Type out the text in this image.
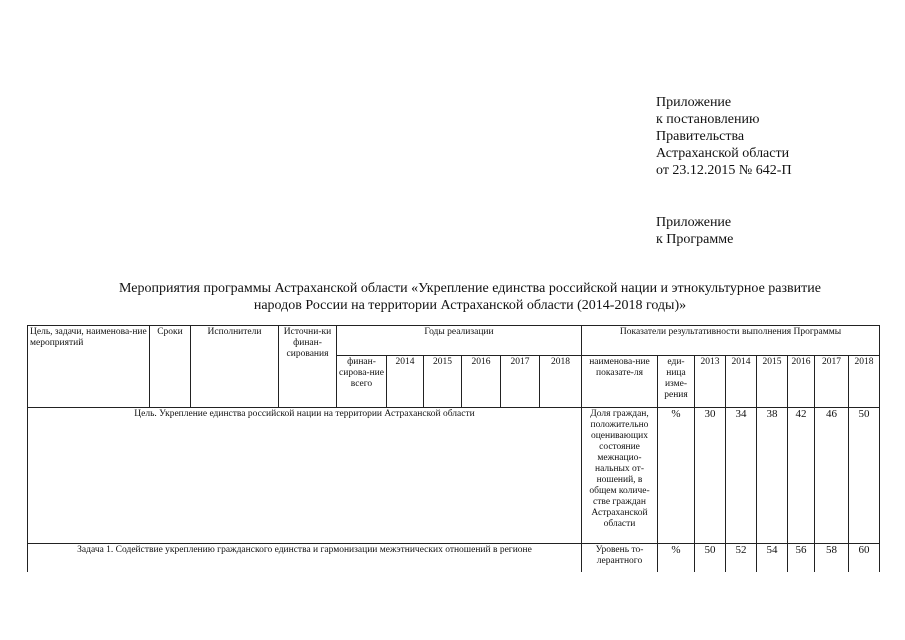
Приложение
к постановлению
Правительства
Астраханской области
от 23.12.2015 № 642-П
Приложение
к Программе
Мероприятия программы Астраханской области «Укрепление единства российской нации и этнокультурное развитие
народов России на территории Астраханской области (2014-2018 годы)»
Цель, задачи, наименова-ние мероприятий	Сроки	Исполнители	Источни-ки финан-сирования	Годы реализации						Показатели результативности выполнения Программы							
				финан-сирова-ние всего	2014	2015	2016	2017	2018	наименова-ние показате-ля	еди-ница изме-рения	2013	2014	2015	2016	2017	2018
Цель. Укрепление единства российской нации на территории Астраханской области										Доля граждан, положительно оценивающих состояние межнацио-нальных от-ношений, в общем количе-стве граждан Астраханской области	%	30	34	38	42	46	50
Задача 1. Содействие укреплению гражданского единства и гармонизации межэтнических отношений в регионе										Уровень то-лерантного	%	50	52	54	56	58	60
